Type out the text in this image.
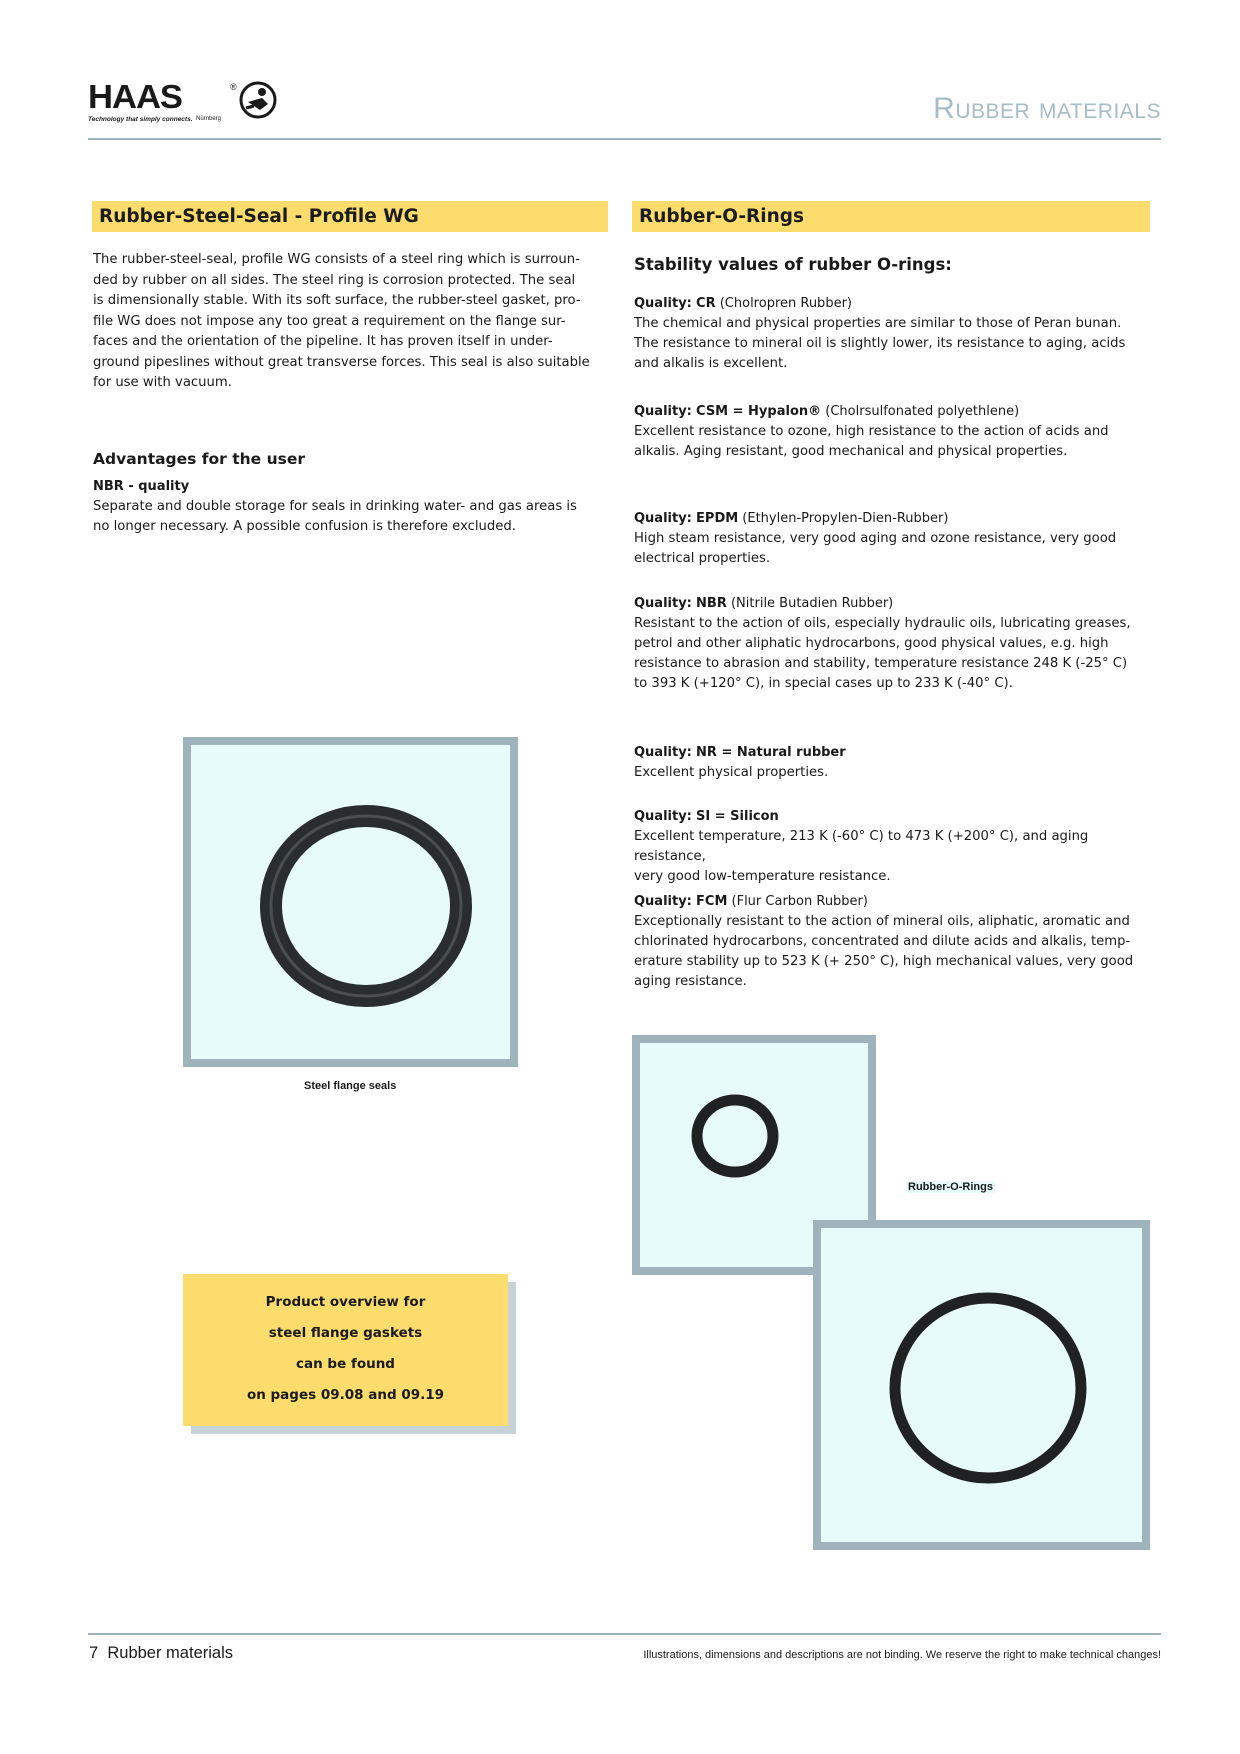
HAAS	®
Technology that simply connects. Nürnberg	Rubber materials
Rubber-Steel-Seal - Profile WG

The rubber-steel-seal, profile WG consists of a steel ring which is surroun-

ded by rubber on all sides. The steel ring is corrosion protected. The seal

is dimensionally stable. With its soft surface, the rubber-steel gasket, pro-

file WG does not impose any too great a requirement on the flange sur-

faces and the orientation of the pipeline. It has proven itself in under-

ground pipeslines without great transverse forces. This seal is also suitable

for use with vacuum.

Advantages for the user
NBR - quality

Separate and double storage for seals in drinking water- and gas areas is

no longer necessary. A possible confusion is therefore excluded.

Steel flange seals
Product overview for
steel flange gaskets
can be found
on pages 09.08 and 09.19
Rubber-O-Rings
Stability values of rubber O-rings:

Quality: CR (Cholropren Rubber)

The chemical and physical properties are similar to those of Peran bunan.

The resistance to mineral oil is slightly lower, its resistance to aging, acids

and alkalis is excellent.

Quality: CSM = Hypalon® (Cholrsulfonated polyethlene)

Excellent resistance to ozone, high resistance to the action of acids and

alkalis. Aging resistant, good mechanical and physical properties.

Quality: EPDM (Ethylen-Propylen-Dien-Rubber)

High steam resistance, very good aging and ozone resistance, very good

electrical properties.

Quality: NBR (Nitrile Butadien Rubber)

Resistant to the action of oils, especially hydraulic oils, lubricating greases,

petrol and other aliphatic hydrocarbons, good physical values, e.g. high

resistance to abrasion and stability, temperature resistance 248 K (-25° C)

to 393 K (+120° C), in special cases up to 233 K (-40° C).

Quality: NR = Natural rubber

Excellent physical properties.

Quality: SI = Silicon

Excellent temperature, 213 K (-60° C) to 473 K (+200° C), and aging resistance,

very good low-temperature resistance.

Quality: FCM (Flur Carbon Rubber)

Exceptionally resistant to the action of mineral oils, aliphatic, aromatic and

chlorinated hydrocarbons, concentrated and dilute acids and alkalis, temp-

erature stability up to 523 K (+ 250° C), high mechanical values, very good

aging resistance.

Rubber-O-Rings
7 Rubber materials	Illustrations, dimensions and descriptions are not binding. We reserve the right to make technical changes!
